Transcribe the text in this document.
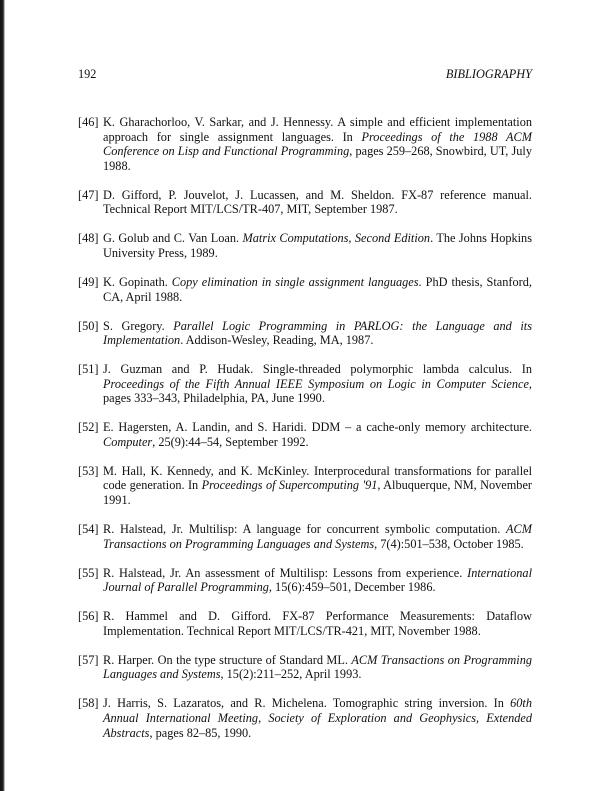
192	BIBLIOGRAPHY
[46] K. Gharachorloo, V. Sarkar, and J. Hennessy. A simple and efficient implementation approach for single assignment languages. In Proceedings of the 1988 ACM Conference on Lisp and Functional Programming, pages 259–268, Snowbird, UT, July 1988.
[47] D. Gifford, P. Jouvelot, J. Lucassen, and M. Sheldon. FX-87 reference manual. Technical Report MIT/LCS/TR-407, MIT, September 1987.
[48] G. Golub and C. Van Loan. Matrix Computations, Second Edition. The Johns Hopkins University Press, 1989.
[49] K. Gopinath. Copy elimination in single assignment languages. PhD thesis, Stanford, CA, April 1988.
[50] S. Gregory. Parallel Logic Programming in PARLOG: the Language and its Implementation. Addison-Wesley, Reading, MA, 1987.
[51] J. Guzman and P. Hudak. Single-threaded polymorphic lambda calculus. In Proceedings of the Fifth Annual IEEE Symposium on Logic in Computer Science, pages 333–343, Philadelphia, PA, June 1990.
[52] E. Hagersten, A. Landin, and S. Haridi. DDM – a cache-only memory architecture. Computer, 25(9):44–54, September 1992.
[53] M. Hall, K. Kennedy, and K. McKinley. Interprocedural transformations for parallel code generation. In Proceedings of Supercomputing '91, Albuquerque, NM, November 1991.
[54] R. Halstead, Jr. Multilisp: A language for concurrent symbolic computation. ACM Transactions on Programming Languages and Systems, 7(4):501–538, October 1985.
[55] R. Halstead, Jr. An assessment of Multilisp: Lessons from experience. International Journal of Parallel Programming, 15(6):459–501, December 1986.
[56] R. Hammel and D. Gifford. FX-87 Performance Measurements: Dataflow Implementation. Technical Report MIT/LCS/TR-421, MIT, November 1988.
[57] R. Harper. On the type structure of Standard ML. ACM Transactions on Programming Languages and Systems, 15(2):211–252, April 1993.
[58] J. Harris, S. Lazaratos, and R. Michelena. Tomographic string inversion. In 60th Annual International Meeting, Society of Exploration and Geophysics, Extended Abstracts, pages 82–85, 1990.
